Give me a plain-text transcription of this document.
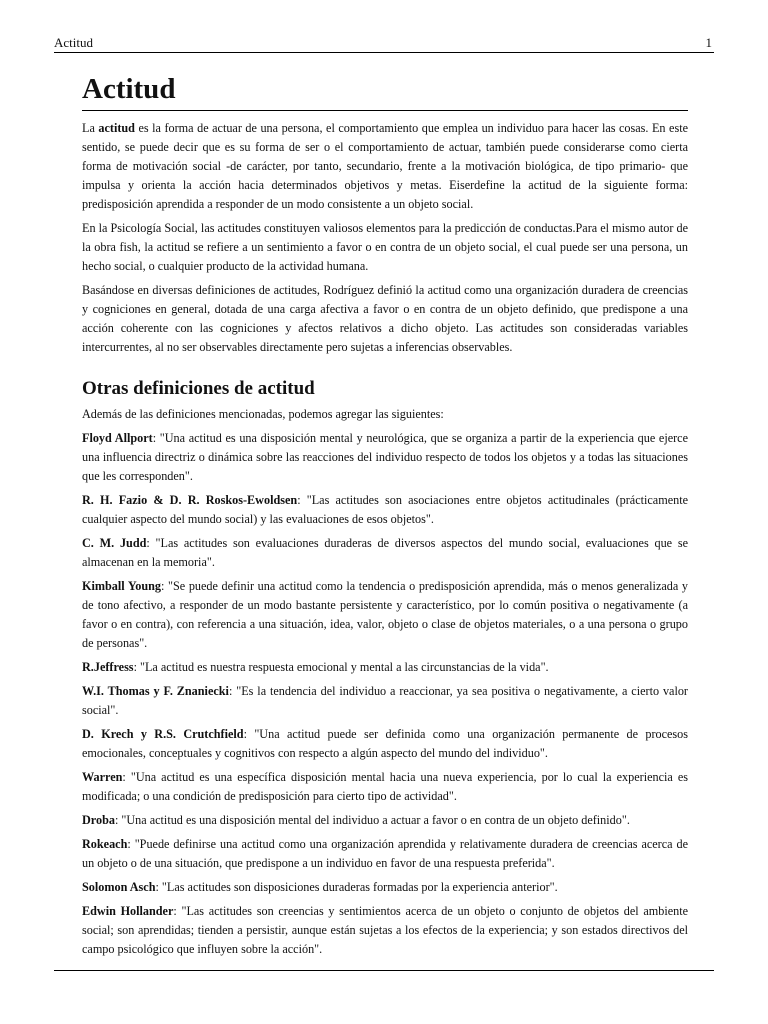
Actitud	1
Actitud

La actitud es la forma de actuar de una persona, el comportamiento que emplea un individuo para hacer las cosas. En este sentido, se puede decir que es su forma de ser o el comportamiento de actuar, también puede considerarse como cierta forma de motivación social -de carácter, por tanto, secundario, frente a la motivación biológica, de tipo primario- que impulsa y orienta la acción hacia determinados objetivos y metas. Eiserdefine la actitud de la siguiente forma: predisposición aprendida a responder de un modo consistente a un objeto social.

En la Psicología Social, las actitudes constituyen valiosos elementos para la predicción de conductas.Para el mismo autor de la obra fish, la actitud se refiere a un sentimiento a favor o en contra de un objeto social, el cual puede ser una persona, un hecho social, o cualquier producto de la actividad humana.

Basándose en diversas definiciones de actitudes, Rodríguez definió la actitud como una organización duradera de creencias y cogniciones en general, dotada de una carga afectiva a favor o en contra de un objeto definido, que predispone a una acción coherente con las cogniciones y afectos relativos a dicho objeto. Las actitudes son consideradas variables intercurrentes, al no ser observables directamente pero sujetas a inferencias observables.

Otras definiciones de actitud

Además de las definiciones mencionadas, podemos agregar las siguientes:

Floyd Allport: "Una actitud es una disposición mental y neurológica, que se organiza a partir de la experiencia que ejerce una influencia directriz o dinámica sobre las reacciones del individuo respecto de todos los objetos y a todas las situaciones que les corresponden".

R. H. Fazio & D. R. Roskos-Ewoldsen: "Las actitudes son asociaciones entre objetos actitudinales (prácticamente cualquier aspecto del mundo social) y las evaluaciones de esos objetos".

C. M. Judd: "Las actitudes son evaluaciones duraderas de diversos aspectos del mundo social, evaluaciones que se almacenan en la memoria".

Kimball Young: "Se puede definir una actitud como la tendencia o predisposición aprendida, más o menos generalizada y de tono afectivo, a responder de un modo bastante persistente y característico, por lo común positiva o negativamente (a favor o en contra), con referencia a una situación, idea, valor, objeto o clase de objetos materiales, o a una persona o grupo de personas".

R.Jeffress: "La actitud es nuestra respuesta emocional y mental a las circunstancias de la vida".

W.I. Thomas y F. Znaniecki: "Es la tendencia del individuo a reaccionar, ya sea positiva o negativamente, a cierto valor social".

D. Krech y R.S. Crutchfield: "Una actitud puede ser definida como una organización permanente de procesos emocionales, conceptuales y cognitivos con respecto a algún aspecto del mundo del individuo".

Warren: "Una actitud es una específica disposición mental hacia una nueva experiencia, por lo cual la experiencia es modificada; o una condición de predisposición para cierto tipo de actividad".

Droba: "Una actitud es una disposición mental del individuo a actuar a favor o en contra de un objeto definido".

Rokeach: "Puede definirse una actitud como una organización aprendida y relativamente duradera de creencias acerca de un objeto o de una situación, que predispone a un individuo en favor de una respuesta preferida".

Solomon Asch: "Las actitudes son disposiciones duraderas formadas por la experiencia anterior".

Edwin Hollander: "Las actitudes son creencias y sentimientos acerca de un objeto o conjunto de objetos del ambiente social; son aprendidas; tienden a persistir, aunque están sujetas a los efectos de la experiencia; y son estados directivos del campo psicológico que influyen sobre la acción".
